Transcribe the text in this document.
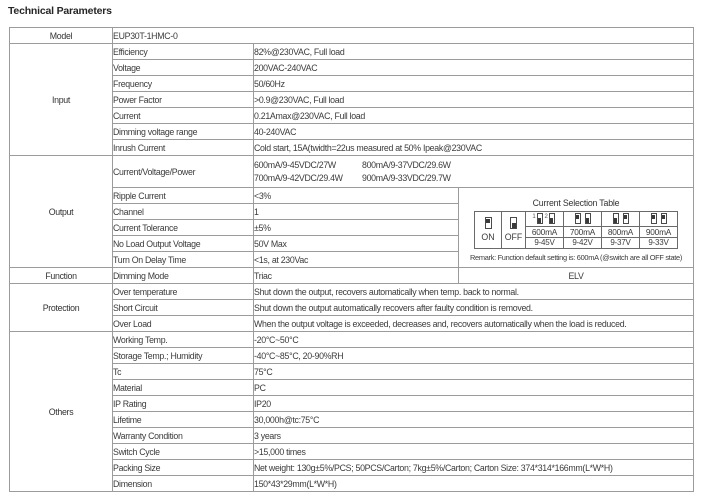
Technical Parameters
Model	EUP30T-1HMC-0
Input	Efficiency	82%@230VAC, Full load
Voltage	200VAC-240VAC
Frequency	50/60Hz
Power Factor	>0.9@230VAC, Full load
Current	0.21Amax@230VAC, Full load
Dimming voltage range	40-240VAC
Inrush Current	Cold start, 15A(twidth=22us measured at 50% Ipeak@230VAC
Output	Current/Voltage/Power	
600mA/9-45VDC/27W	800mA/9-37VDC/29.6W
700mA/9-42VDC/29.4W	900mA/9-33VDC/29.7W

Ripple Current	<3%	
Current Selection Table
ON	OFF
	$^1$ $^2$			
600mA	700mA	800mA	900mA
9-45V	9-42V	9-37V	9-33V
Remark: Function default setting is: 600mA (@switch are all OFF state)

Channel	1
Current Tolerance	±5%
No Load Output Voltage	50V Max
Turn On Delay Time	<1s, at 230Vac
Function	Dimming Mode	Triac	ELV
Protection	Over temperature	Shut down the output, recovers automatically when temp. back to normal.
Short Circuit	Shut down the output automatically recovers after faulty condition is removed.
Over Load	When the output voltage is exceeded, decreases and, recovers automatically when the load is reduced.
Others	Working Temp.	-20°C~50°C
Storage Temp.; Humidity	-40°C~85°C, 20-90%RH
Tc	75°C
Material	PC
IP Rating	IP20
Lifetime	30,000h@tc:75°C
Warranty Condition	3 years
Switch Cycle	>15,000 times
Packing Size	Net weight: 130g±5%/PCS; 50PCS/Carton; 7kg±5%/Carton; Carton Size: 374*314*166mm(L*W*H)
Dimension	150*43*29mm(L*W*H)
